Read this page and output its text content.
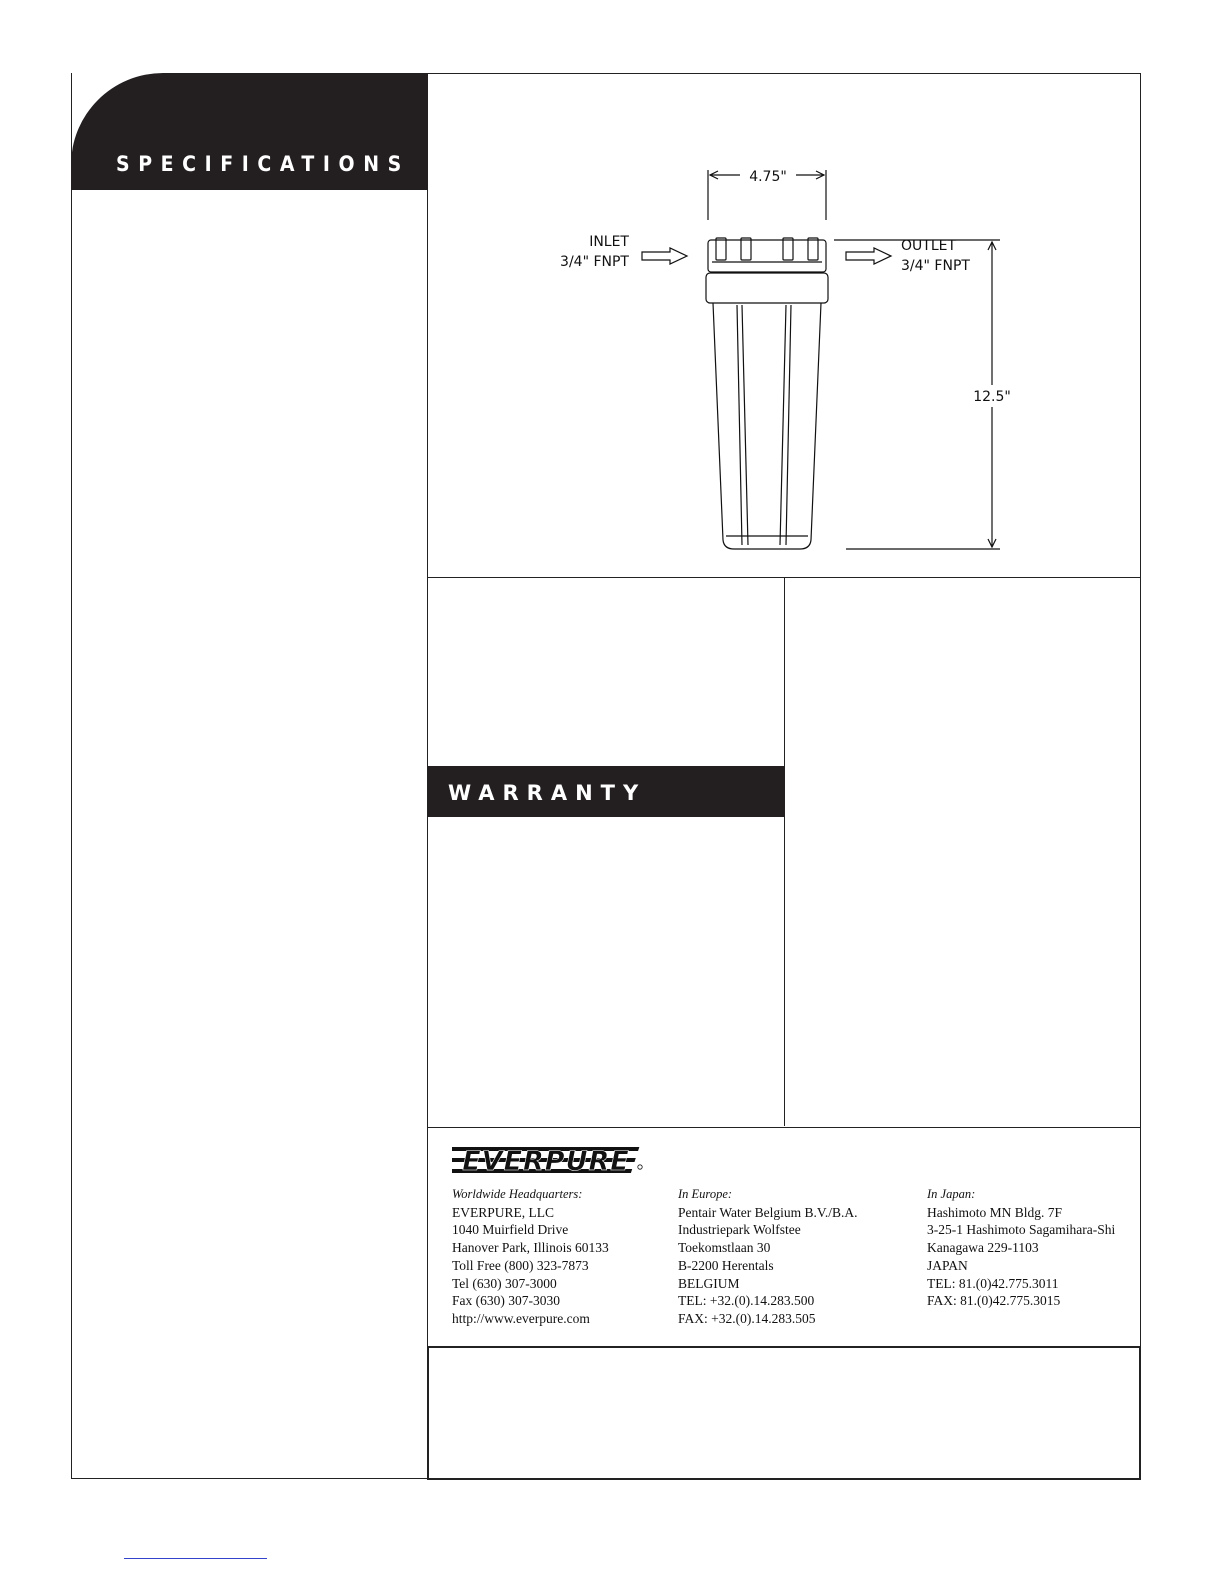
SPECIFICATIONS
WARRANTY
4.75"
12.5"
INLET
3/4" FNPT
OUTLET
3/4" FNPT
EVERPURE
Worldwide Headquarters:
EVERPURE, LLC
1040 Muirfield Drive
Hanover Park, Illinois 60133
Toll Free (800) 323-7873
Tel (630) 307-3000
Fax (630) 307-3030
http://www.everpure.com
In Europe:
Pentair Water Belgium B.V./B.A.
Industriepark Wolfstee
Toekomstlaan 30
B-2200 Herentals
BELGIUM
TEL: +32.(0).14.283.500
FAX: +32.(0).14.283.505
In Japan:
Hashimoto MN Bldg. 7F
3-25-1 Hashimoto Sagamihara-Shi
Kanagawa 229-1103
JAPAN
TEL: 81.(0)42.775.3011
FAX: 81.(0)42.775.3015
